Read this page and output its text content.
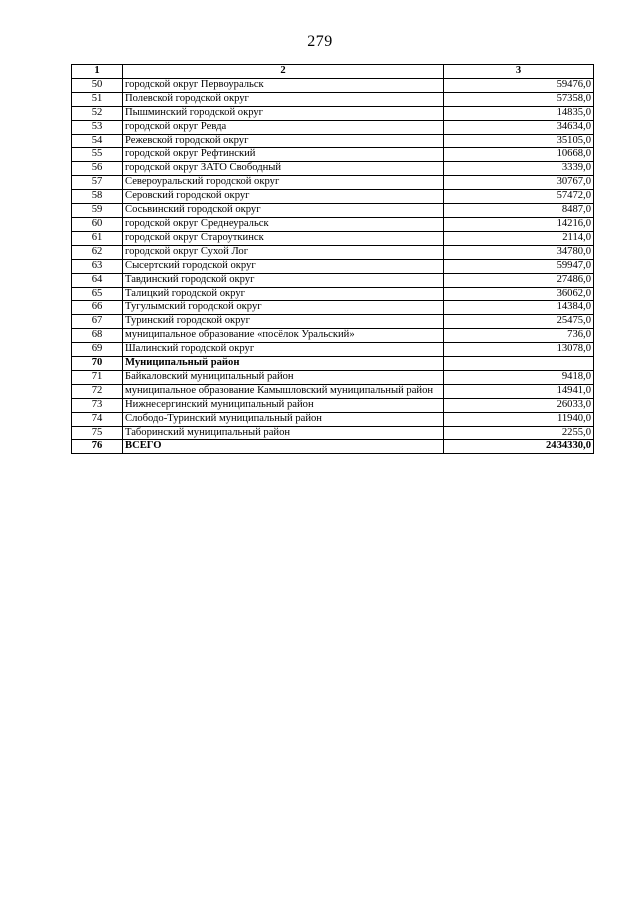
279
1	2	3
50	городской округ Первоуральск	59476,0
51	Полевской городской округ	57358,0
52	Пышминский городской округ	14835,0
53	городской округ Ревда	34634,0
54	Режевской городской округ	35105,0
55	городской округ Рефтинский	10668,0
56	городской округ ЗАТО Свободный	3339,0
57	Североуральский городской округ	30767,0
58	Серовский городской округ	57472,0
59	Сосьвинский городской округ	8487,0
60	городской округ Среднеуральск	14216,0
61	городской округ Староуткинск	2114,0
62	городской округ Сухой Лог	34780,0
63	Сысертский городской округ	59947,0
64	Тавдинский городской округ	27486,0
65	Талицкий городской округ	36062,0
66	Тугулымский городской округ	14384,0
67	Туринский городской округ	25475,0
68	муниципальное образование «посёлок Уральский»	736,0
69	Шалинский городской округ	13078,0
70	Муниципальный район	
71	Байкаловский муниципальный район	9418,0
72	муниципальное образование Камышловский муниципальный район	14941,0
73	Нижнесергинский муниципальный район	26033,0
74	Слободо-Туринский муниципальный район	11940,0
75	Таборинский муниципальный район	2255,0
76	ВСЕГО	2434330,0
